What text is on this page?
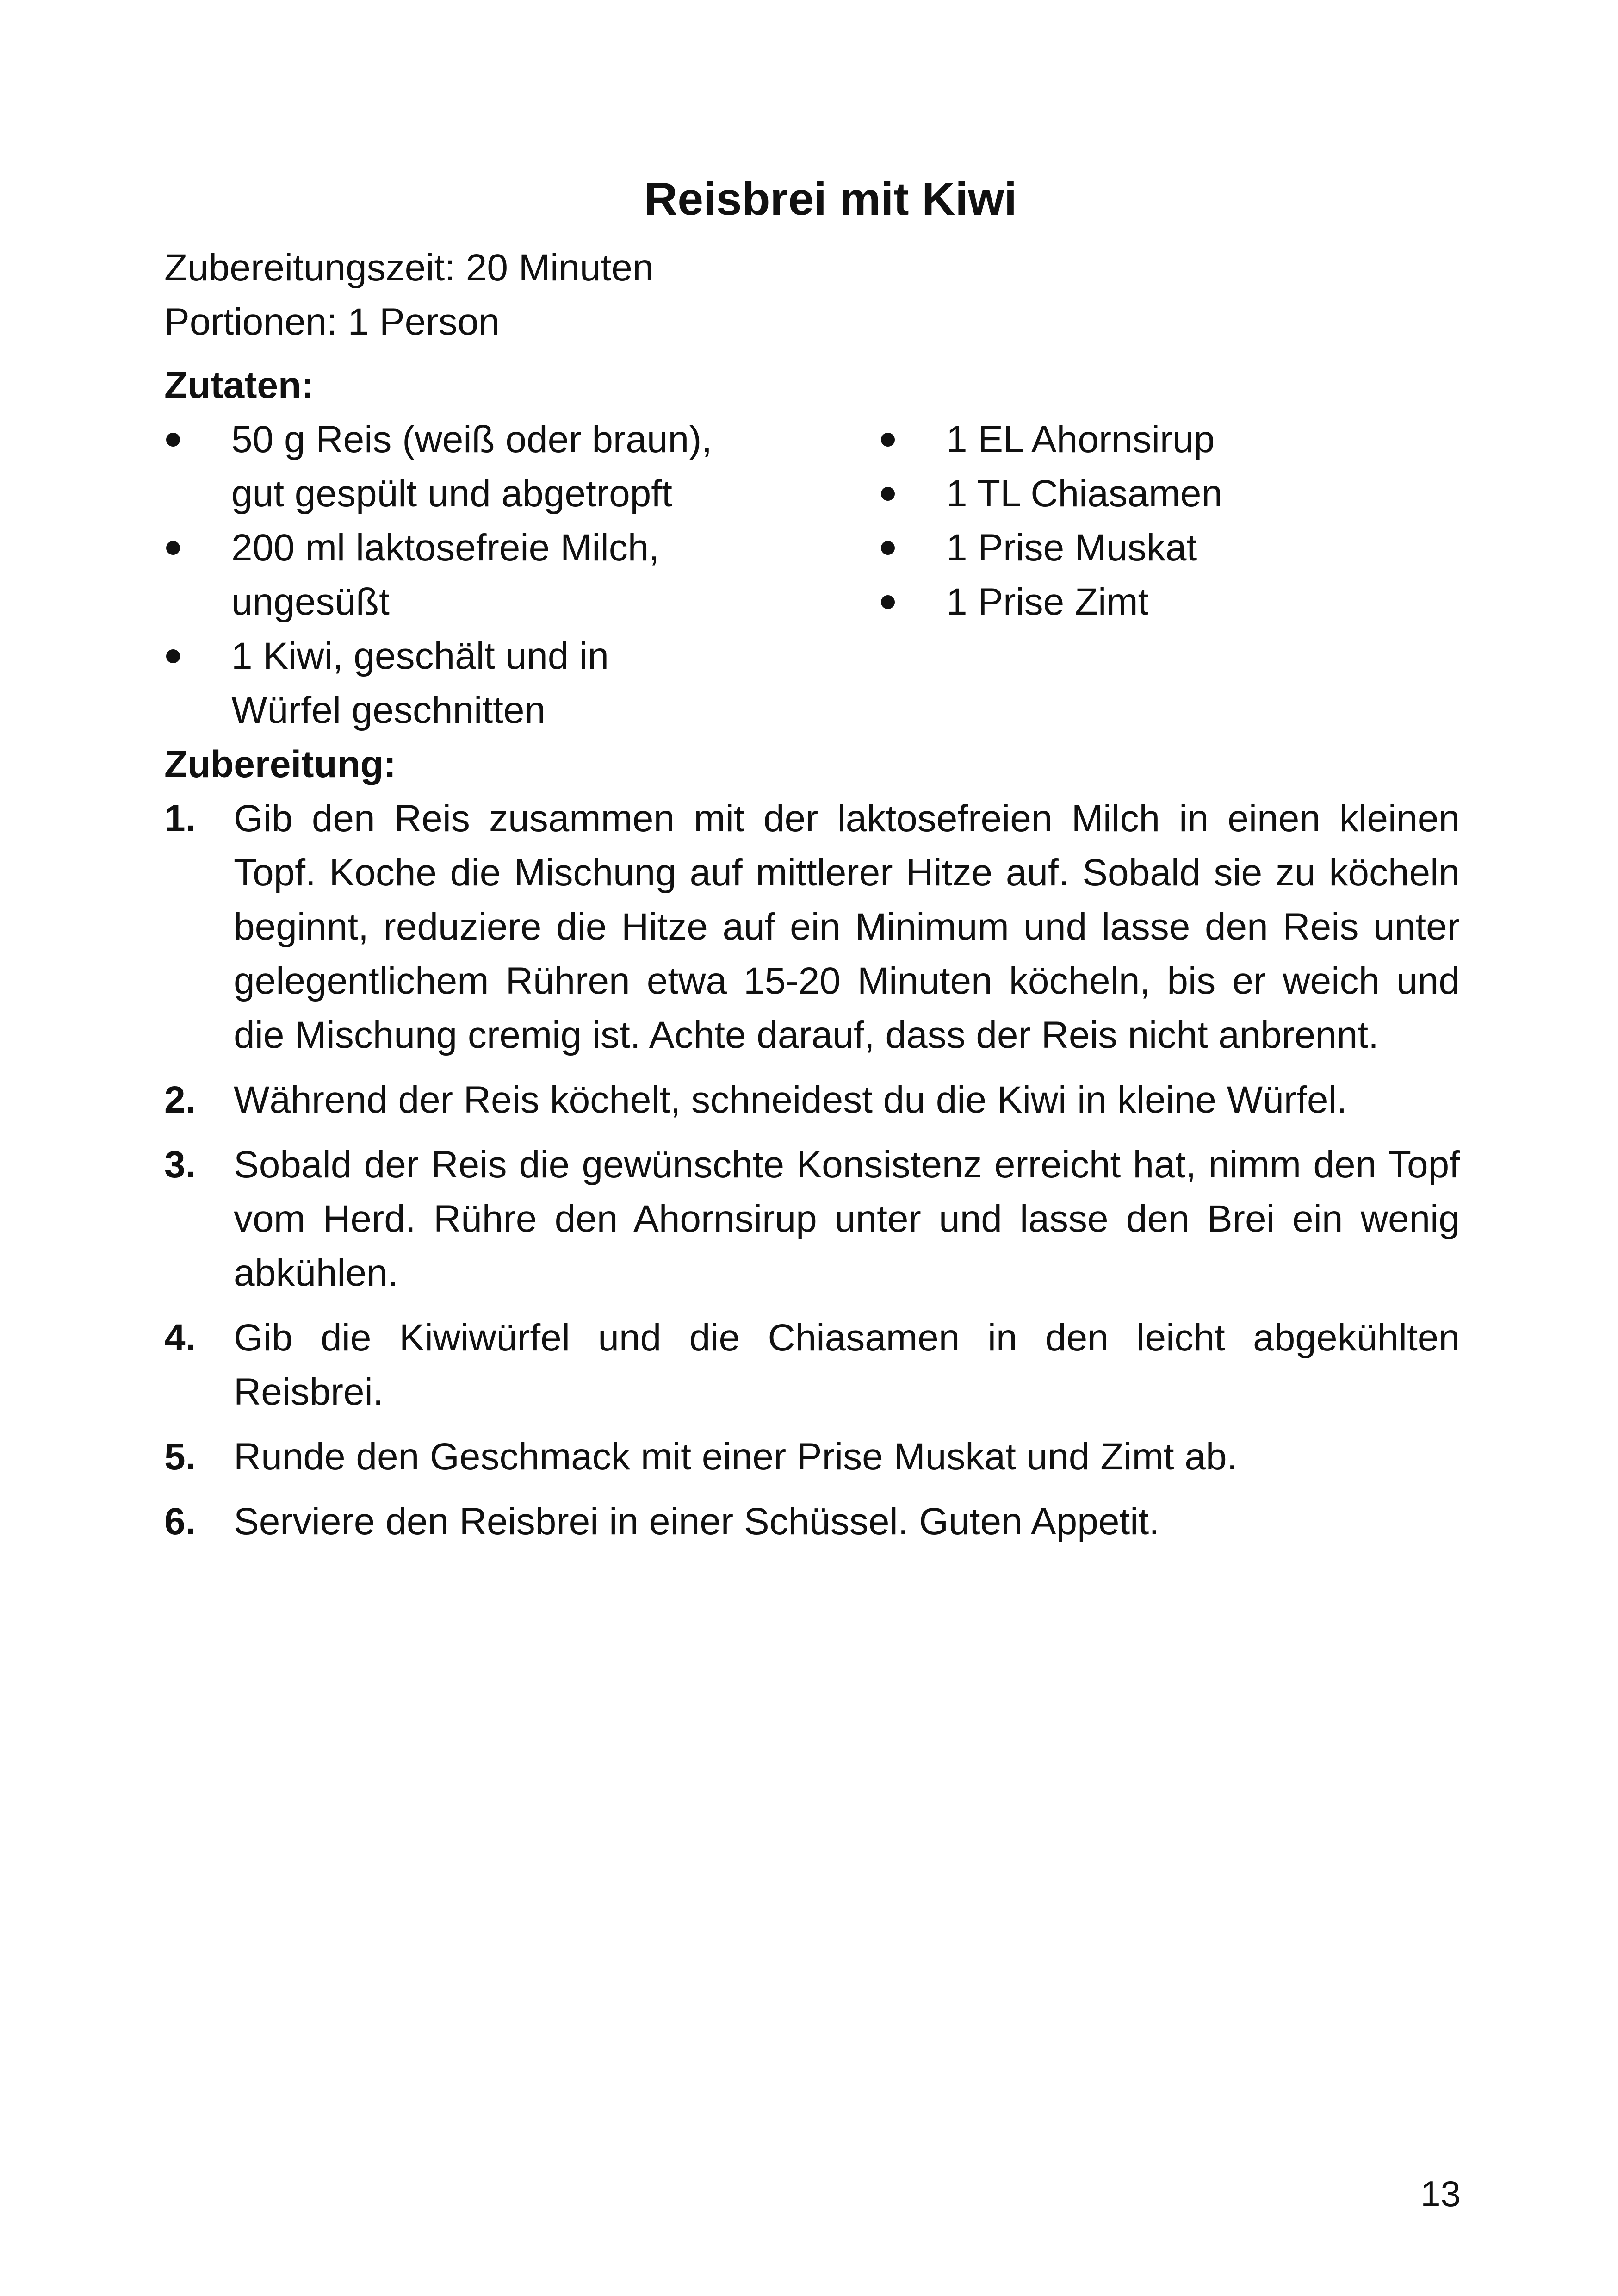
Reisbrei mit Kiwi
Zubereitungszeit: 20 Minuten
Portionen: 1 Person
Zutaten:
50 g Reis (weiß oder braun), gut gespült und abgetropft
200 ml laktosefreie Milch, ungesüßt
1 Kiwi, geschält und in Würfel geschnitten
1 EL Ahornsirup
1 TL Chiasamen
1 Prise Muskat
1 Prise Zimt
Zubereitung:
1. Gib den Reis zusammen mit der laktosefreien Milch in einen kleinen Topf. Koche die Mischung auf mittlerer Hitze auf. Sobald sie zu köcheln beginnt, reduziere die Hitze auf ein Minimum und lasse den Reis unter gelegentlichem Rühren etwa 15-20 Minuten köcheln, bis er weich und die Mischung cremig ist. Achte darauf, dass der Reis nicht anbrennt.
2. Während der Reis köchelt, schneidest du die Kiwi in kleine Würfel.
3. Sobald der Reis die gewünschte Konsistenz erreicht hat, nimm den Topf vom Herd. Rühre den Ahornsirup unter und lasse den Brei ein wenig abkühlen.
4. Gib die Kiwiwürfel und die Chiasamen in den leicht abgekühlten Reisbrei.
5. Runde den Geschmack mit einer Prise Muskat und Zimt ab.
6. Serviere den Reisbrei in einer Schüssel. Guten Appetit.
13
